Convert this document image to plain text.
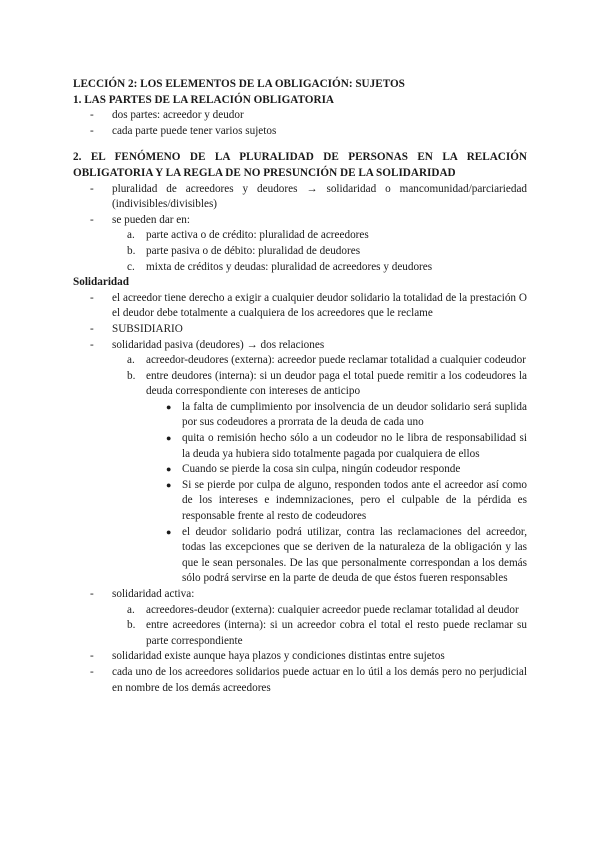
LECCIÓN 2: LOS ELEMENTOS DE LA OBLIGACIÓN: SUJETOS
1. LAS PARTES DE LA RELACIÓN OBLIGATORIA
- dos partes: acreedor y deudor
- cada parte puede tener varios sujetos
2. EL FENÓMENO DE LA PLURALIDAD DE PERSONAS EN LA RELACIÓN OBLIGATORIA Y LA REGLA DE NO PRESUNCIÓN DE LA SOLIDARIDAD
- pluralidad de acreedores y deudores → solidaridad o mancomunidad/parciariedad (indivisibles/divisibles)
- se pueden dar en:
a. parte activa o de crédito: pluralidad de acreedores
b. parte pasiva o de débito: pluralidad de deudores
c. mixta de créditos y deudas: pluralidad de acreedores y deudores
Solidaridad
- el acreedor tiene derecho a exigir a cualquier deudor solidario la totalidad de la prestación O el deudor debe totalmente a cualquiera de los acreedores que le reclame
- SUBSIDIARIO
- solidaridad pasiva (deudores) → dos relaciones
a. acreedor-deudores (externa): acreedor puede reclamar totalidad a cualquier codeudor
b. entre deudores (interna): si un deudor paga el total puede remitir a los codeudores la deuda correspondiente con intereses de anticipo
● la falta de cumplimiento por insolvencia de un deudor solidario será suplida por sus codeudores a prorrata de la deuda de cada uno
● quita o remisión hecho sólo a un codeudor no le libra de responsabilidad si la deuda ya hubiera sido totalmente pagada por cualquiera de ellos
● Cuando se pierde la cosa sin culpa, ningún codeudor responde
● Si se pierde por culpa de alguno, responden todos ante el acreedor así como de los intereses e indemnizaciones, pero el culpable de la pérdida es responsable frente al resto de codeudores
● el deudor solidario podrá utilizar, contra las reclamaciones del acreedor, todas las excepciones que se deriven de la naturaleza de la obligación y las que le sean personales. De las que personalmente correspondan a los demás sólo podrá servirse en la parte de deuda de que éstos fueren responsables
- solidaridad activa:
a. acreedores-deudor (externa): cualquier acreedor puede reclamar totalidad al deudor
b. entre acreedores (interna): si un acreedor cobra el total el resto puede reclamar su parte correspondiente
- solidaridad existe aunque haya plazos y condiciones distintas entre sujetos
- cada uno de los acreedores solidarios puede actuar en lo útil a los demás pero no perjudicial en nombre de los demás acreedores
